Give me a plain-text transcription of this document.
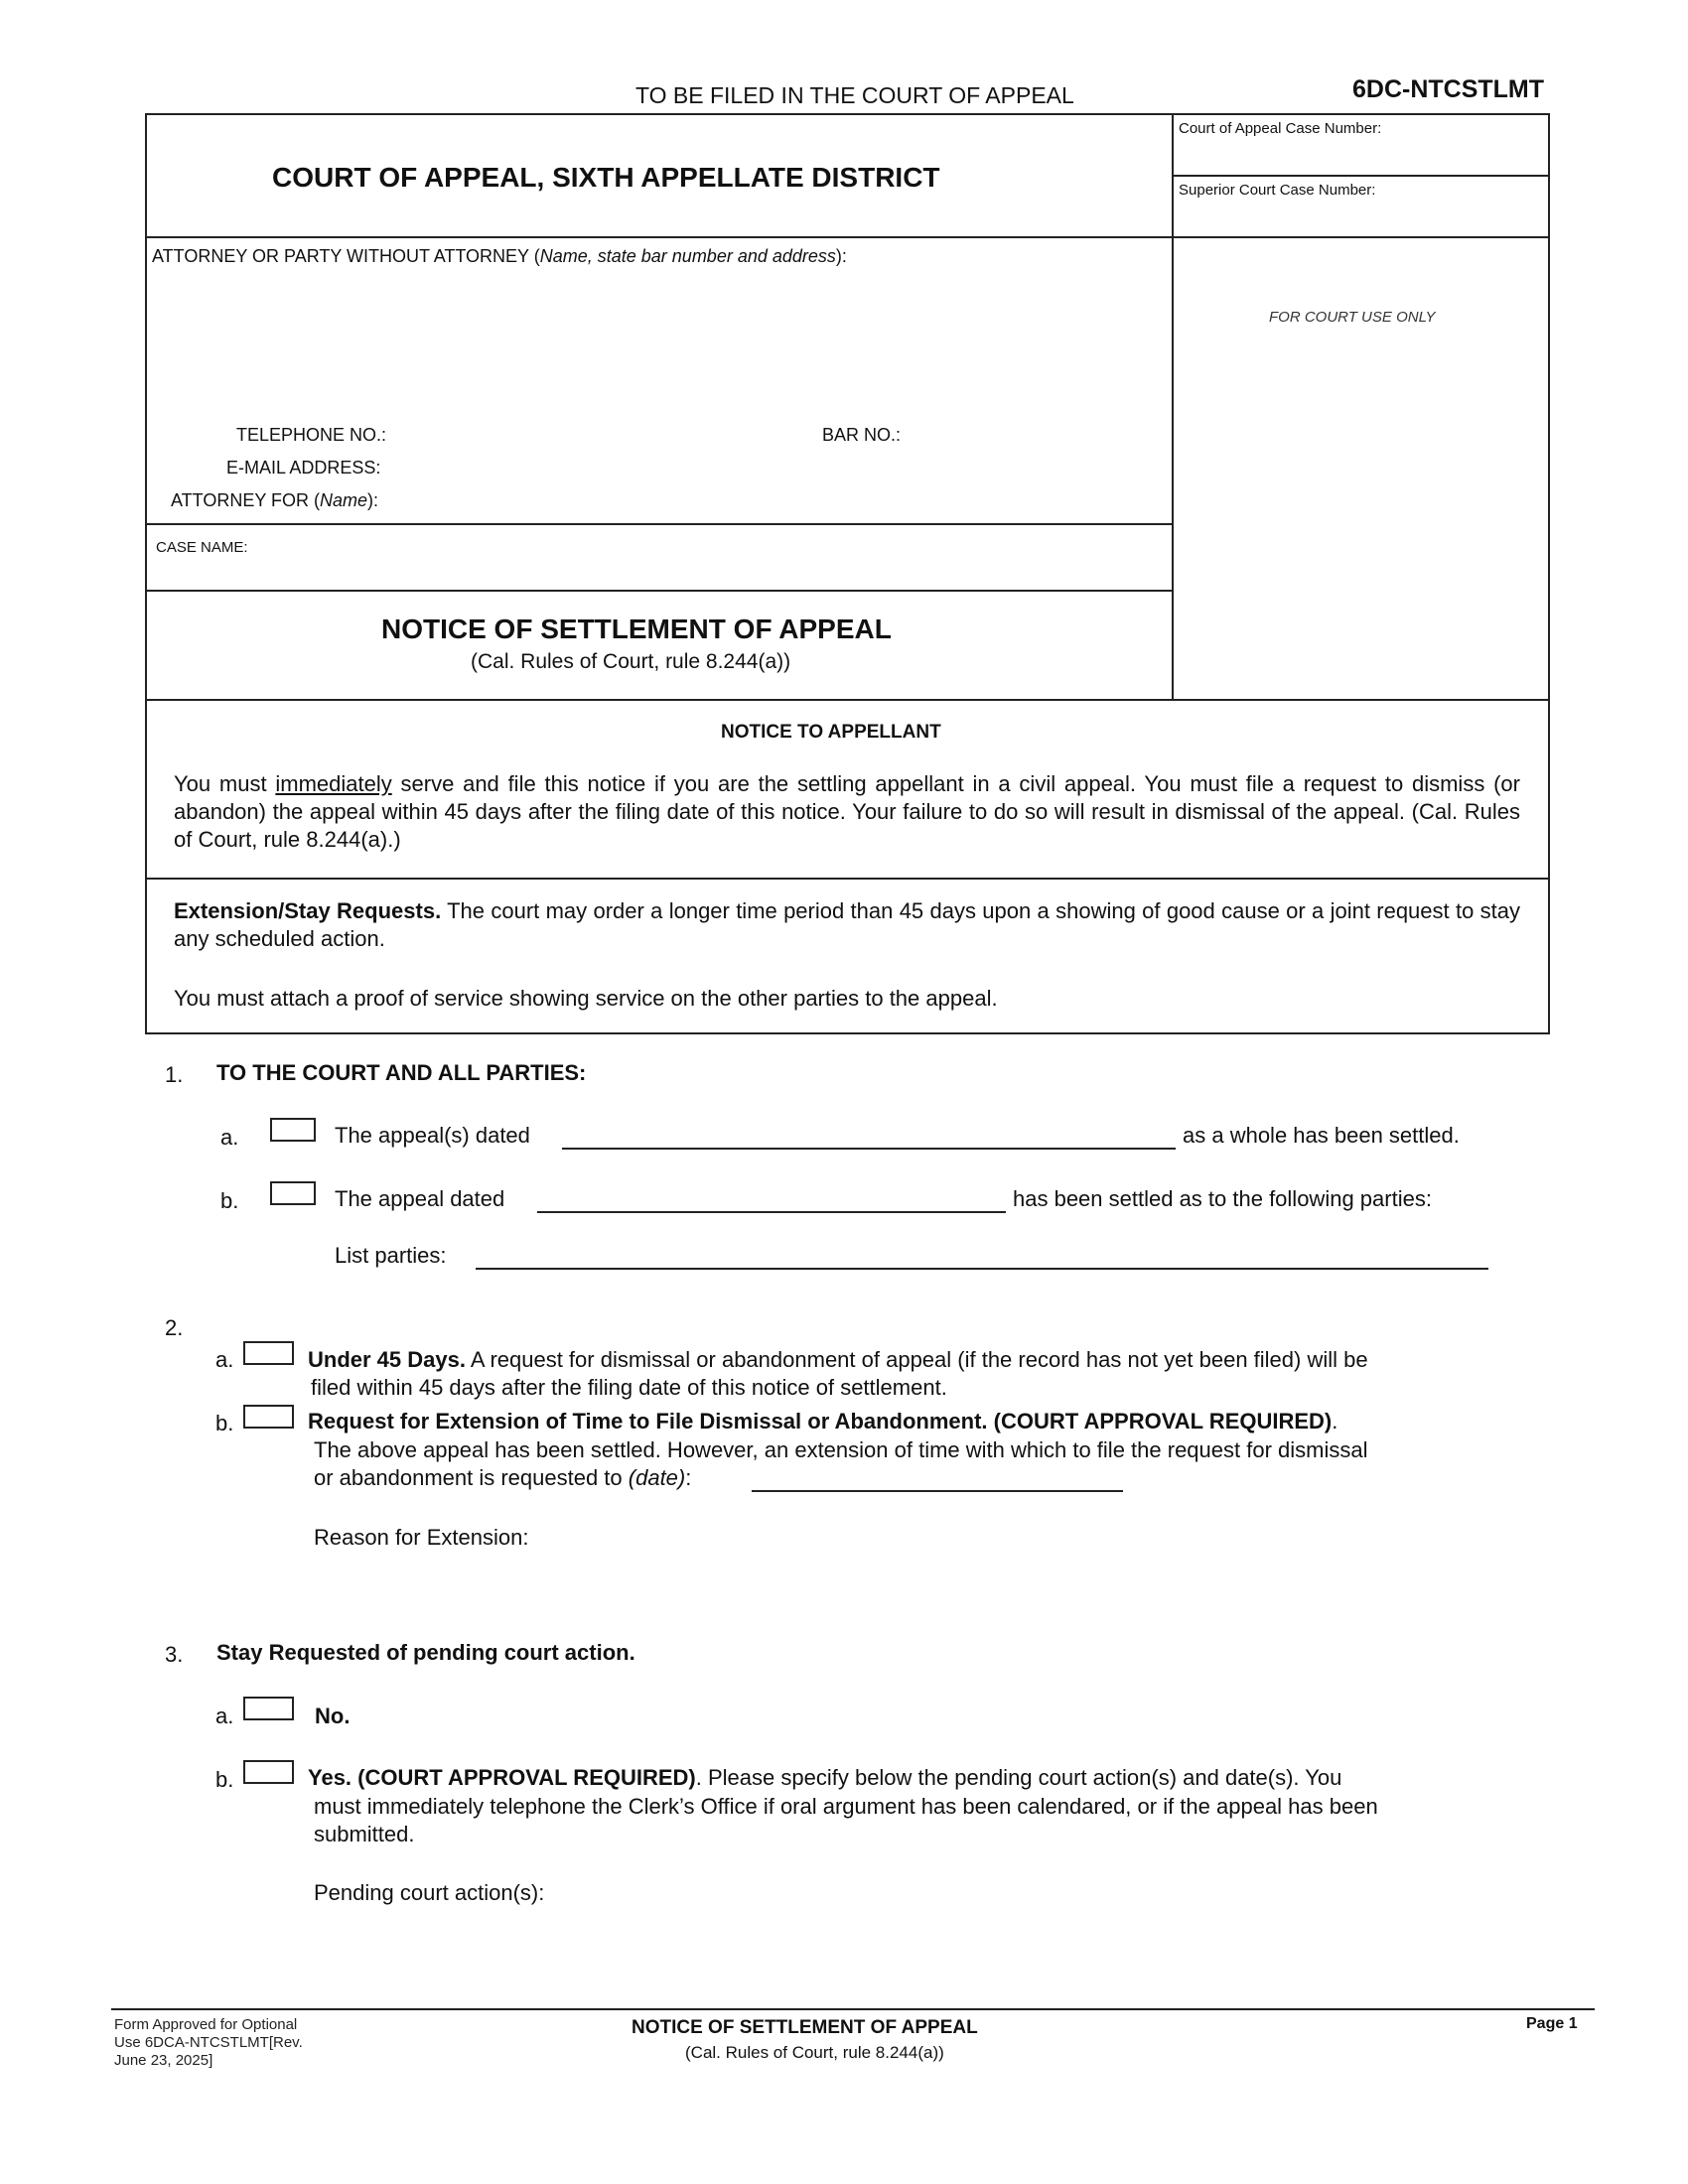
TO BE FILED IN THE COURT OF APPEAL	6DC-NTCSTLMT
COURT OF APPEAL, SIXTH APPELLATE DISTRICT
Court of Appeal Case Number:
Superior Court Case Number:
ATTORNEY OR PARTY WITHOUT ATTORNEY (Name, state bar number and address):
TELEPHONE NO.:	BAR NO.:
E-MAIL ADDRESS:
ATTORNEY FOR (Name):
FOR COURT USE ONLY
CASE NAME:
NOTICE OF SETTLEMENT OF APPEAL
(Cal. Rules of Court, rule 8.244(a))
NOTICE TO APPELLANT
You must immediately serve and file this notice if you are the settling appellant in a civil appeal. You must file a request to dismiss (or abandon) the appeal within 45 days after the filing date of this notice. Your failure to do so will result in dismissal of the appeal. (Cal. Rules of Court, rule 8.244(a).)
Extension/Stay Requests. The court may order a longer time period than 45 days upon a showing of good cause or a joint request to stay any scheduled action.
You must attach a proof of service showing service on the other parties to the appeal.
1. TO THE COURT AND ALL PARTIES:
a.	The appeal(s) dated	as a whole has been settled.
b.	The appeal dated	has been settled as to the following parties:
List parties:
2.
a.	Under 45 Days. A request for dismissal or abandonment of appeal (if the record has not yet been filed) will be
filed within 45 days after the filing date of this notice of settlement.
b.	Request for Extension of Time to File Dismissal or Abandonment. (COURT APPROVAL REQUIRED).
The above appeal has been settled. However, an extension of time with which to file the request for dismissal
or abandonment is requested to (date):
Reason for Extension:
3. Stay Requested of pending court action.
a.	No.
b.	Yes. (COURT APPROVAL REQUIRED). Please specify below the pending court action(s) and date(s). You
must immediately telephone the Clerk’s Office if oral argument has been calendared, or if the appeal has been
submitted.
Pending court action(s):
Form Approved for Optional
Use 6DCA-NTCSTLMT[Rev.
June 23, 2025]
NOTICE OF SETTLEMENT OF APPEAL
(Cal. Rules of Court, rule 8.244(a))
Page 1
